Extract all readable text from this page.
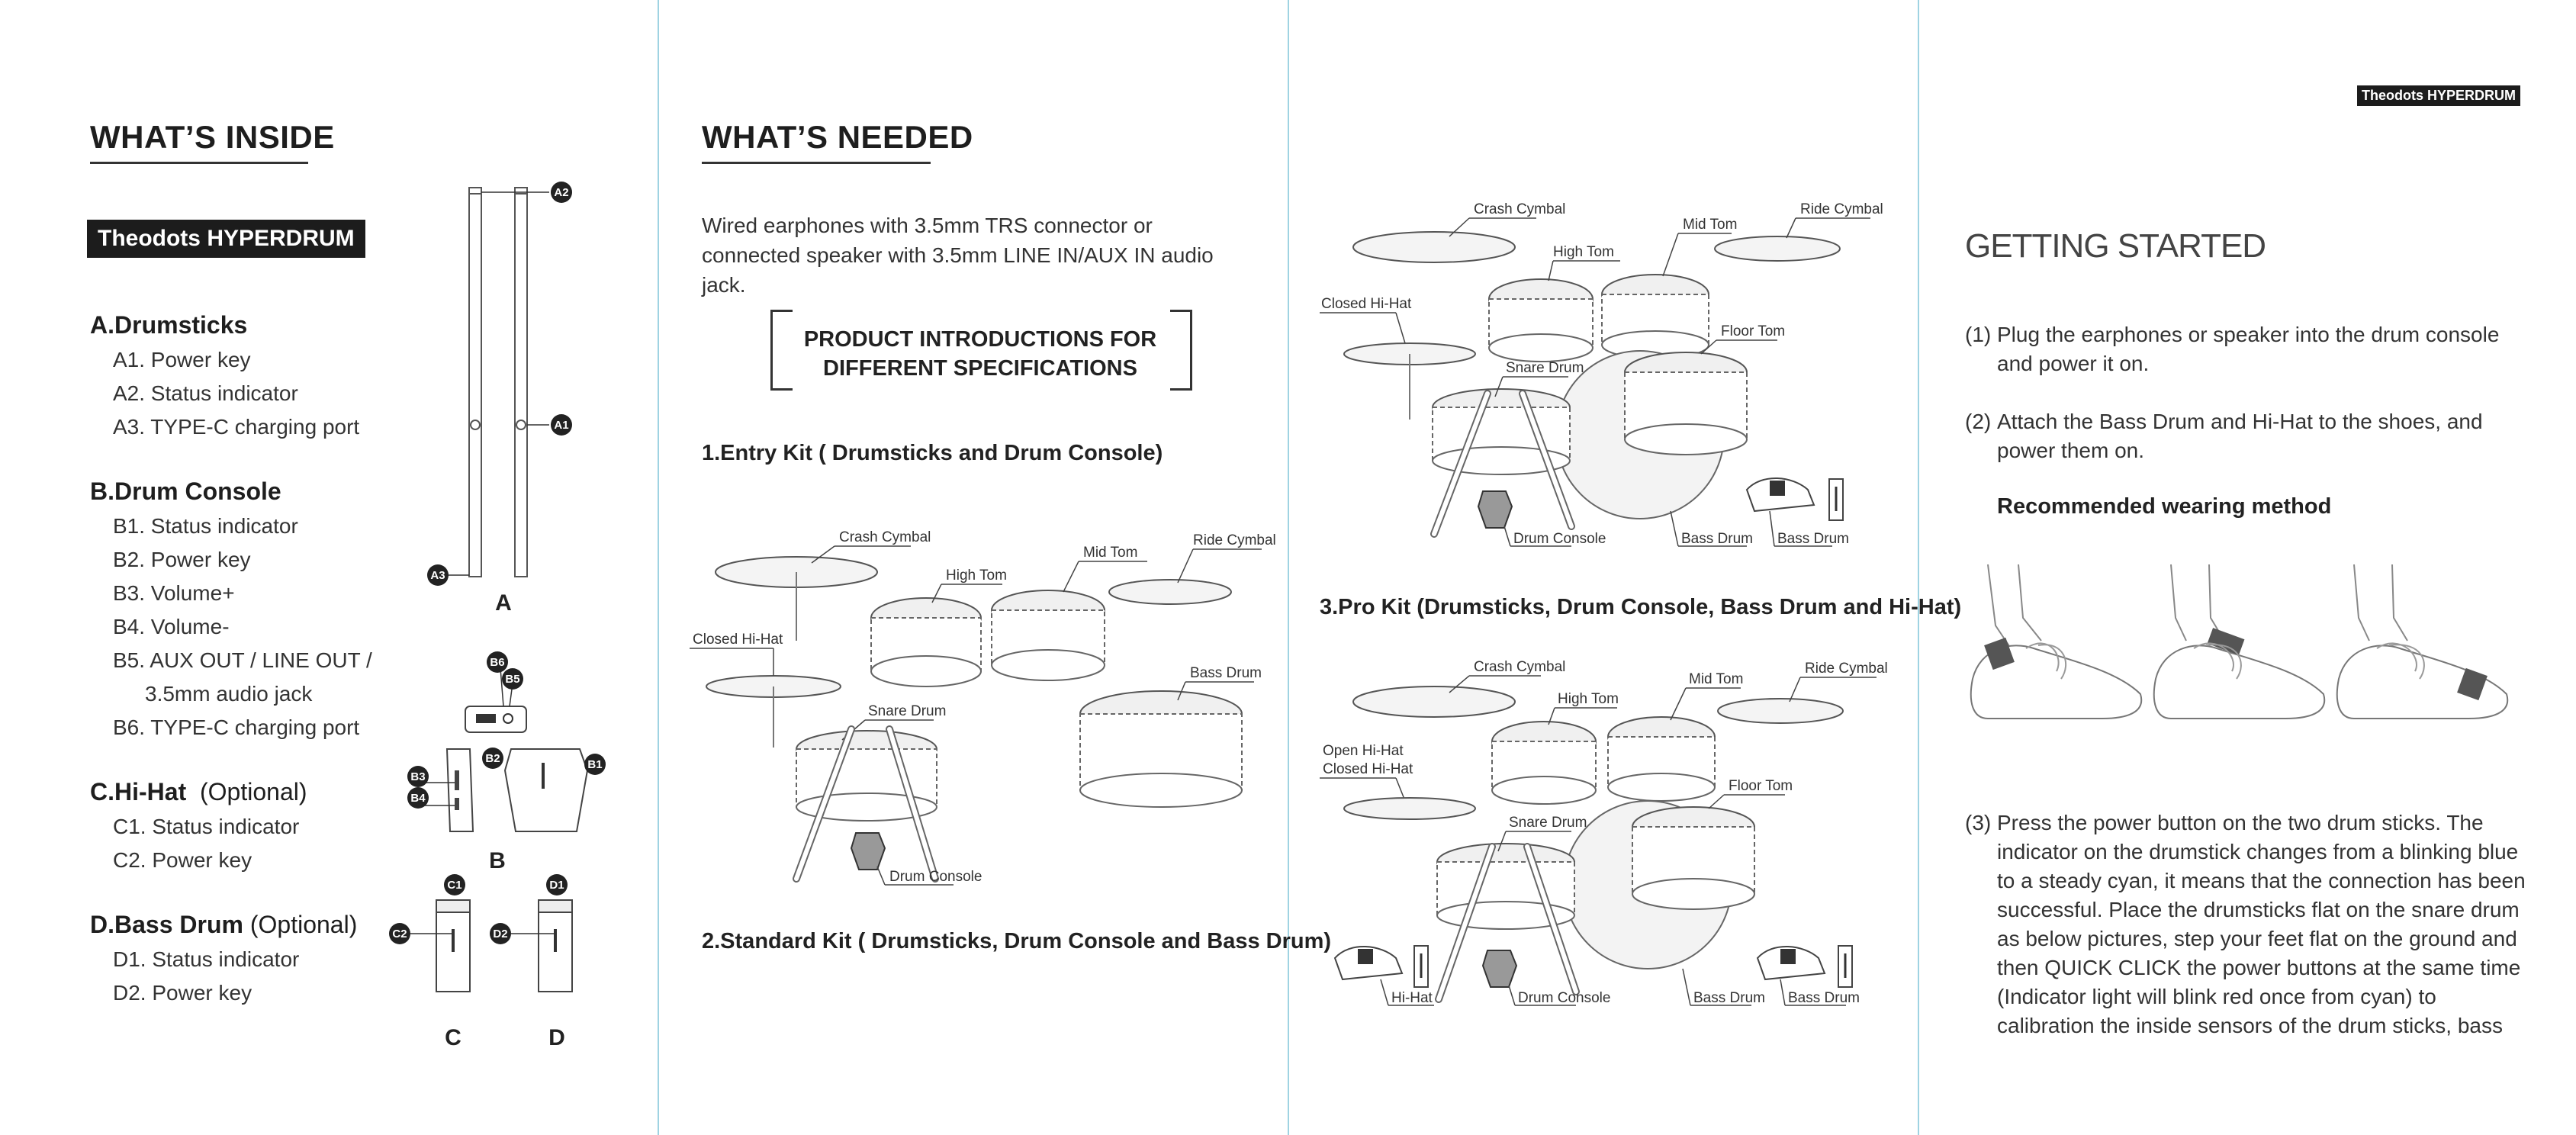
WHAT’S INSIDE
Theodots HYPERDRUM
A.Drumsticks
A1. Power key
A2. Status indicator
A3. TYPE-C charging port
B.Drum Console
B1. Status indicator
B2. Power key
B3. Volume+
B4. Volume-
B5. AUX OUT / LINE OUT /
3.5mm audio jack
B6. TYPE-C charging port
C.Hi-Hat (Optional)
C1. Status indicator
C2. Power key
D.Bass Drum (Optional)
D1. Status indicator
D2. Power key
A2
A1
A3
A
B6
B5
B1
B2
B3
B4
B
C1
C2
D1
D2
C	D
WHAT’S NEEDED
Wired earphones with 3.5mm TRS connector or connected speaker with 3.5mm LINE IN/AUX IN audio jack.
PRODUCT INTRODUCTIONS FOR
DIFFERENT SPECIFICATIONS
1.Entry Kit ( Drumsticks and Drum Console)
Crash Cymbal	Ride Cymbal
High Tom
Mid Tom
Closed Hi-Hat
Bass Drum
Snare Drum
Drum Console
2.Standard Kit ( Drumsticks, Drum Console and Bass Drum)
Crash Cymbal	Ride Cymbal
High Tom
Mid Tom
Closed Hi-Hat
Floor Tom
Snare Drum
Drum Console	Bass Drum Bass Drum
3.Pro Kit (Drumsticks, Drum Console, Bass Drum and Hi-Hat)
Crash Cymbal	Ride Cymbal
High Tom
Mid Tom
Open Hi-Hat
Closed Hi-Hat
Floor Tom
Snare Drum
Drum Console
Hi-Hat	Bass Drum Bass Drum
Theodots HYPERDRUM
GETTING STARTED
(1) Plug the earphones or speaker into the drum console and power it on.
(2) Attach the Bass Drum and Hi-Hat to the shoes, and power them on.
Recommended wearing method
(3) Press the power button on the two drum sticks. The indicator on the drumstick changes from a blinking blue to a steady cyan, it means that the connection has been successful. Place the drumsticks flat on the snare drum as below pictures, step your feet flat on the ground and then QUICK CLICK the power buttons at the same time (Indicator light will blink red once from cyan) to calibration the inside sensors of the drum sticks, bass
